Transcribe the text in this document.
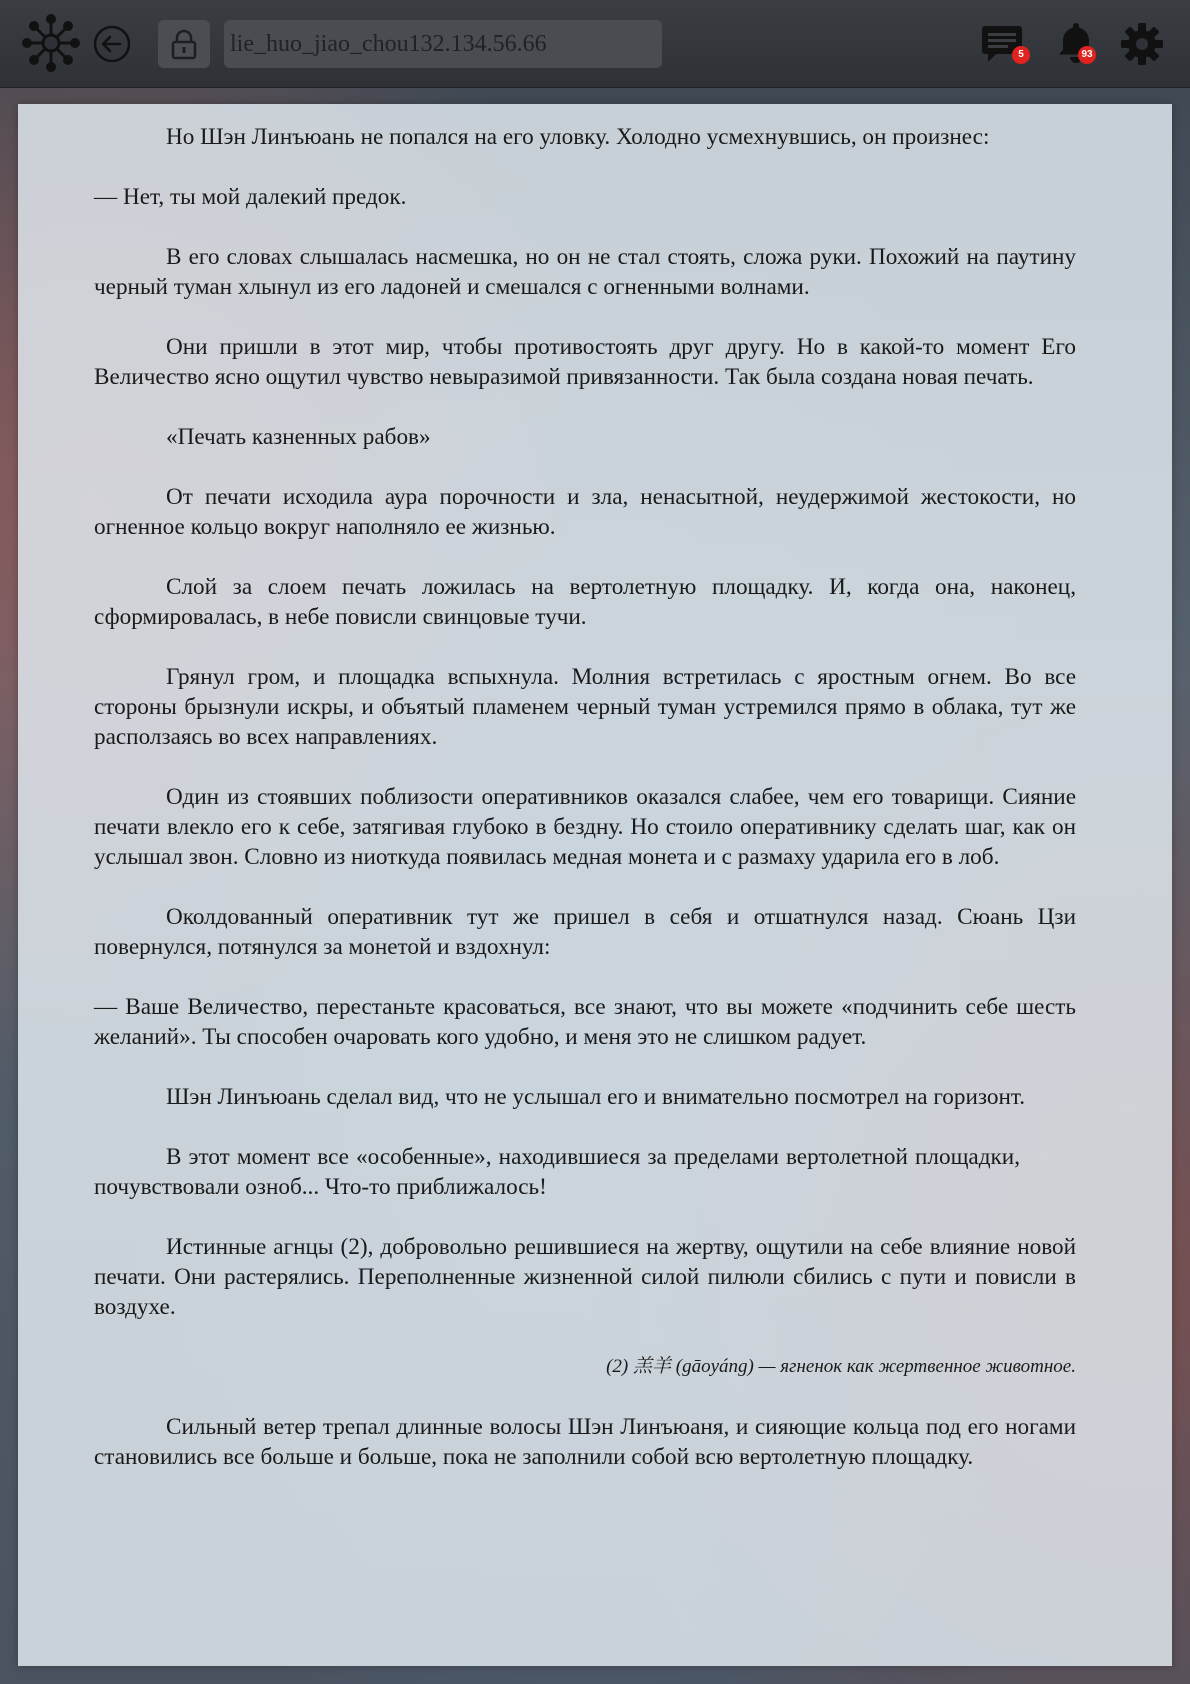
lie_huo_jiao_chou132.134.56.66
5	93

Но Шэн Линъюань не попался на его уловку. Холодно усмехнувшись, он произнес:

— Нет, ты мой далекий предок.

В его словах слышалась насмешка, но он не стал стоять, сложа руки. Похожий на паутину черный туман хлынул из его ладоней и смешался с огненными волнами.

Они пришли в этот мир, чтобы противостоять друг другу. Но в какой-то момент Его Величество ясно ощутил чувство невыразимой привязанности. Так была создана новая печать.

«Печать казненных рабов»

От печати исходила аура порочности и зла, ненасытной, неудержимой жестокости, но огненное кольцо вокруг наполняло ее жизнью.

Слой за слоем печать ложилась на вертолетную площадку. И, когда она, наконец, сформировалась, в небе повисли свинцовые тучи.

Грянул гром, и площадка вспыхнула. Молния встретилась с яростным огнем. Во все стороны брызнули искры, и объятый пламенем черный туман устремился прямо в облака, тут же расползаясь во всех направлениях.

Один из стоявших поблизости оперативников оказался слабее, чем его товарищи. Сияние печати влекло его к себе, затягивая глубоко в бездну. Но стоило оперативнику сделать шаг, как он услышал звон. Словно из ниоткуда появилась медная монета и с размаху ударила его в лоб.

Околдованный оперативник тут же пришел в себя и отшатнулся назад. Сюань Цзи повернулся, потянулся за монетой и вздохнул:

— Ваше Величество, перестаньте красоваться, все знают, что вы можете «подчинить себе шесть желаний». Ты способен очаровать кого удобно, и меня это не слишком радует.

Шэн Линъюань сделал вид, что не услышал его и внимательно посмотрел на горизонт.

В этот момент все «особенные», находившиеся за пределами вертолетной площадки,почувствовали озноб... Что-то приближалось!

Истинные агнцы (2), добровольно решившиеся на жертву, ощутили на себе влияние новой печати. Они растерялись. Переполненные жизненной силой пилюли сбились с пути и повисли в воздухе.

(2) 羔羊 (gāoyáng) — ягненок как жертвенное животное.

Сильный ветер трепал длинные волосы Шэн Линъюаня, и сияющие кольца под его ногами становились все больше и больше, пока не заполнили собой всю вертолетную площадку.
